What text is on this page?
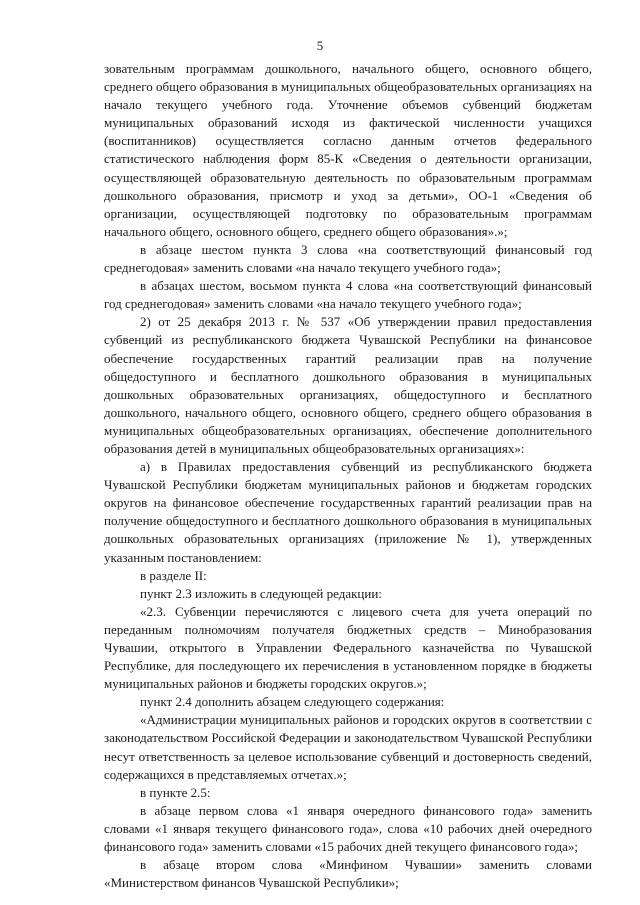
5

зовательным программам дошкольного, начального общего, основного общего, среднего общего образования в муниципальных общеобразовательных организациях на начало текущего учебного года. Уточнение объемов субвенций бюджетам муниципальных образований исходя из фактической численности учащихся (воспитанников) осуществляется согласно данным отчетов федерального статистического наблюдения форм 85-К «Сведения о деятельности организации, осуществляющей образовательную деятельность по образовательным программам дошкольного образования, присмотр и уход за детьми», ОО-1 «Сведения об организации, осуществляющей подготовку по образовательным программам начального общего, основного общего, среднего общего образования».»;

в абзаце шестом пункта 3 слова «на соответствующий финансовый год среднегодовая» заменить словами «на начало текущего учебного года»;

в абзацах шестом, восьмом пункта 4 слова «на соответствующий финансовый год среднегодовая» заменить словами «на начало текущего учебного года»;

2) от 25 декабря 2013 г. № 537 «Об утверждении правил предоставления субвенций из республиканского бюджета Чувашской Республики на финансовое обеспечение государственных гарантий реализации прав на получение общедоступного и бесплатного дошкольного образования в муниципальных дошкольных образовательных организациях, общедоступного и бесплатного дошкольного, начального общего, основного общего, среднего общего образования в муниципальных общеобразовательных организациях, обеспечение дополнительного образования детей в муниципальных общеобразовательных организациях»:

а) в Правилах предоставления субвенций из республиканского бюджета Чувашской Республики бюджетам муниципальных районов и бюджетам городских округов на финансовое обеспечение государственных гарантий реализации прав на получение общедоступного и бесплатного дошкольного образования в муниципальных дошкольных образовательных организациях (приложение № 1), утвержденных указанным постановлением:

в разделе II:

пункт 2.3 изложить в следующей редакции:

«2.3. Субвенции перечисляются с лицевого счета для учета операций по переданным полномочиям получателя бюджетных средств – Минобразования Чувашии, открытого в Управлении Федерального казначейства по Чувашской Республике, для последующего их перечисления в установленном порядке в бюджеты муниципальных районов и бюджеты городских округов.»;

пункт 2.4 дополнить абзацем следующего содержания:

«Администрации муниципальных районов и городских округов в соответствии с законодательством Российской Федерации и законодательством Чувашской Республики несут ответственность за целевое использование субвенций и достоверность сведений, содержащихся в представляемых отчетах.»;

в пункте 2.5:

в абзаце первом слова «1 января очередного финансового года» заменить словами «1 января текущего финансового года», слова «10 рабочих дней очередного финансового года» заменить словами «15 рабочих дней текущего финансового года»;

в абзаце втором слова «Минфином Чувашии» заменить словами «Министерством финансов Чувашской Республики»;
